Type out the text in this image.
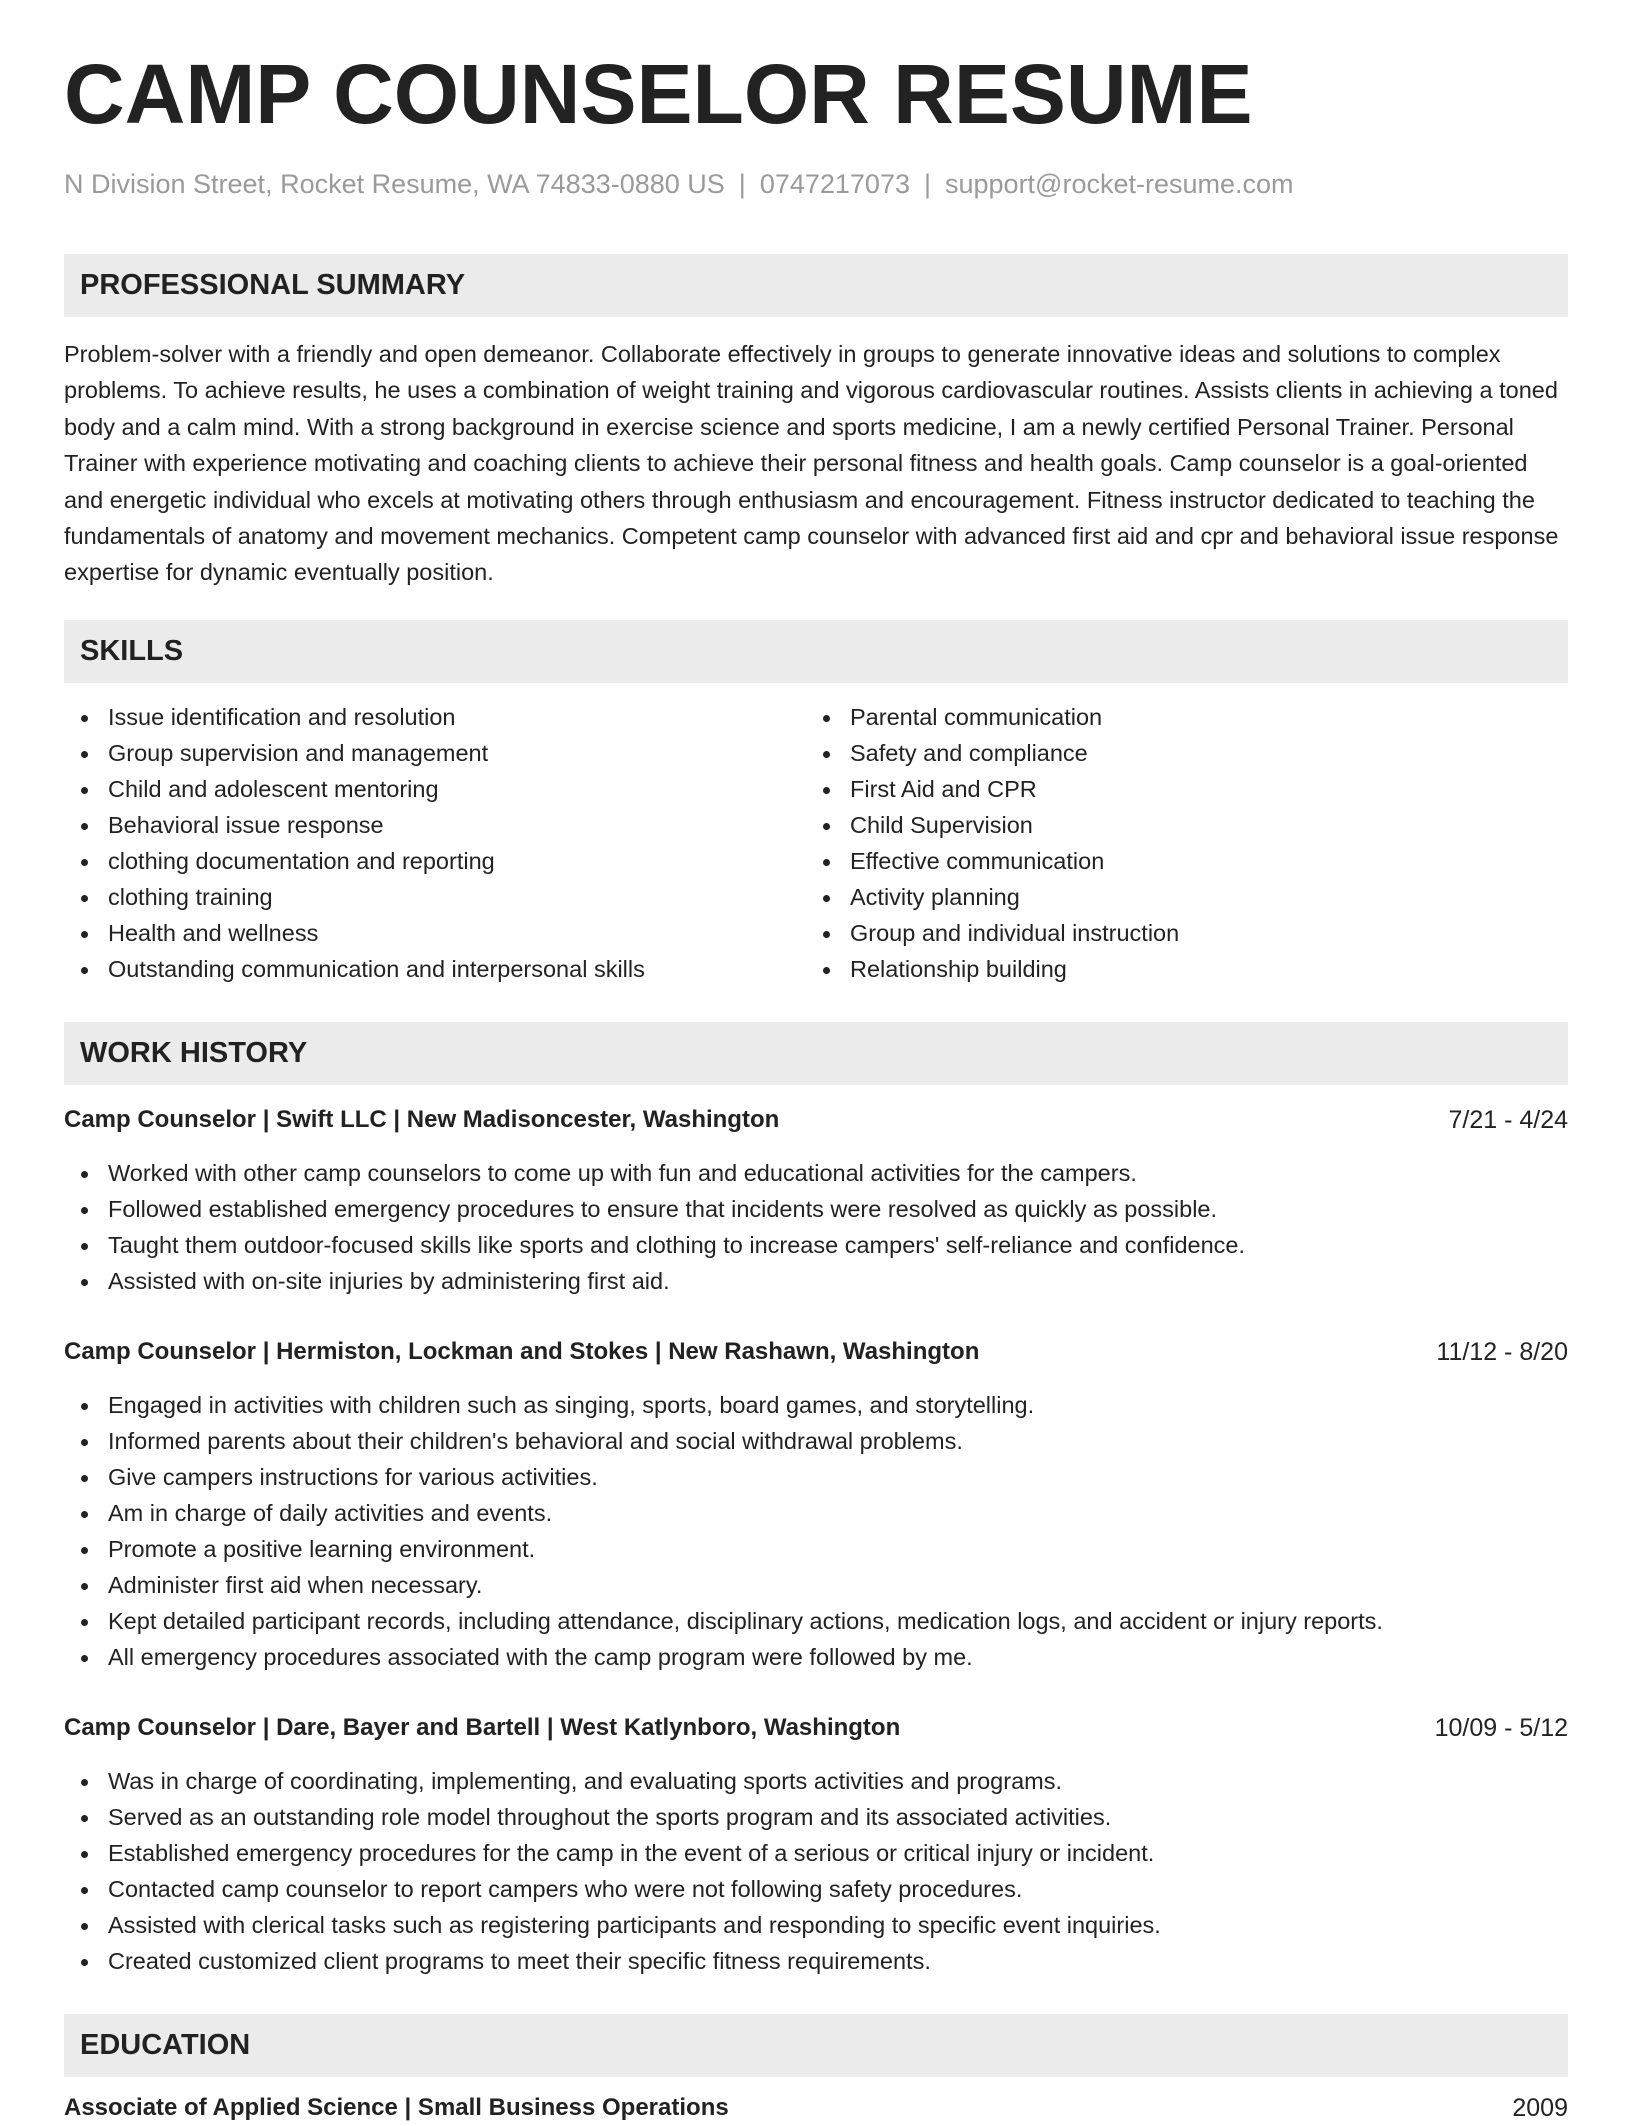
CAMP COUNSELOR RESUME
N Division Street, Rocket Resume, WA 74833-0880 US | 0747217073 | support@rocket-resume.com
PROFESSIONAL SUMMARY

Problem-solver with a friendly and open demeanor. Collaborate effectively in groups to generate innovative ideas and solutions to complex problems. To achieve results, he uses a combination of weight training and vigorous cardiovascular routines. Assists clients in achieving a toned body and a calm mind. With a strong background in exercise science and sports medicine, I am a newly certified Personal Trainer. Personal Trainer with experience motivating and coaching clients to achieve their personal fitness and health goals. Camp counselor is a goal-oriented and energetic individual who excels at motivating others through enthusiasm and encouragement. Fitness instructor dedicated to teaching the fundamentals of anatomy and movement mechanics. Competent camp counselor with advanced first aid and cpr and behavioral issue response expertise for dynamic eventually position.

SKILLS
Issue identification and resolution
Group supervision and management
Child and adolescent mentoring
Behavioral issue response
clothing documentation and reporting
clothing training
Health and wellness
Outstanding communication and interpersonal skills
Parental communication
Safety and compliance
First Aid and CPR
Child Supervision
Effective communication
Activity planning
Group and individual instruction
Relationship building
WORK HISTORY
Camp Counselor | Swift LLC | New Madisoncester, Washington	7/21 - 4/24
Worked with other camp counselors to come up with fun and educational activities for the campers.
Followed established emergency procedures to ensure that incidents were resolved as quickly as possible.
Taught them outdoor-focused skills like sports and clothing to increase campers' self-reliance and confidence.
Assisted with on-site injuries by administering first aid.
Camp Counselor | Hermiston, Lockman and Stokes | New Rashawn, Washington	11/12 - 8/20
Engaged in activities with children such as singing, sports, board games, and storytelling.
Informed parents about their children's behavioral and social withdrawal problems.
Give campers instructions for various activities.
Am in charge of daily activities and events.
Promote a positive learning environment.
Administer first aid when necessary.
Kept detailed participant records, including attendance, disciplinary actions, medication logs, and accident or injury reports.
All emergency procedures associated with the camp program were followed by me.
Camp Counselor | Dare, Bayer and Bartell | West Katlynboro, Washington	10/09 - 5/12
Was in charge of coordinating, implementing, and evaluating sports activities and programs.
Served as an outstanding role model throughout the sports program and its associated activities.
Established emergency procedures for the camp in the event of a serious or critical injury or incident.
Contacted camp counselor to report campers who were not following safety procedures.
Assisted with clerical tasks such as registering participants and responding to specific event inquiries.
Created customized client programs to meet their specific fitness requirements.
EDUCATION
Associate of Applied Science | Small Business Operations	2009
